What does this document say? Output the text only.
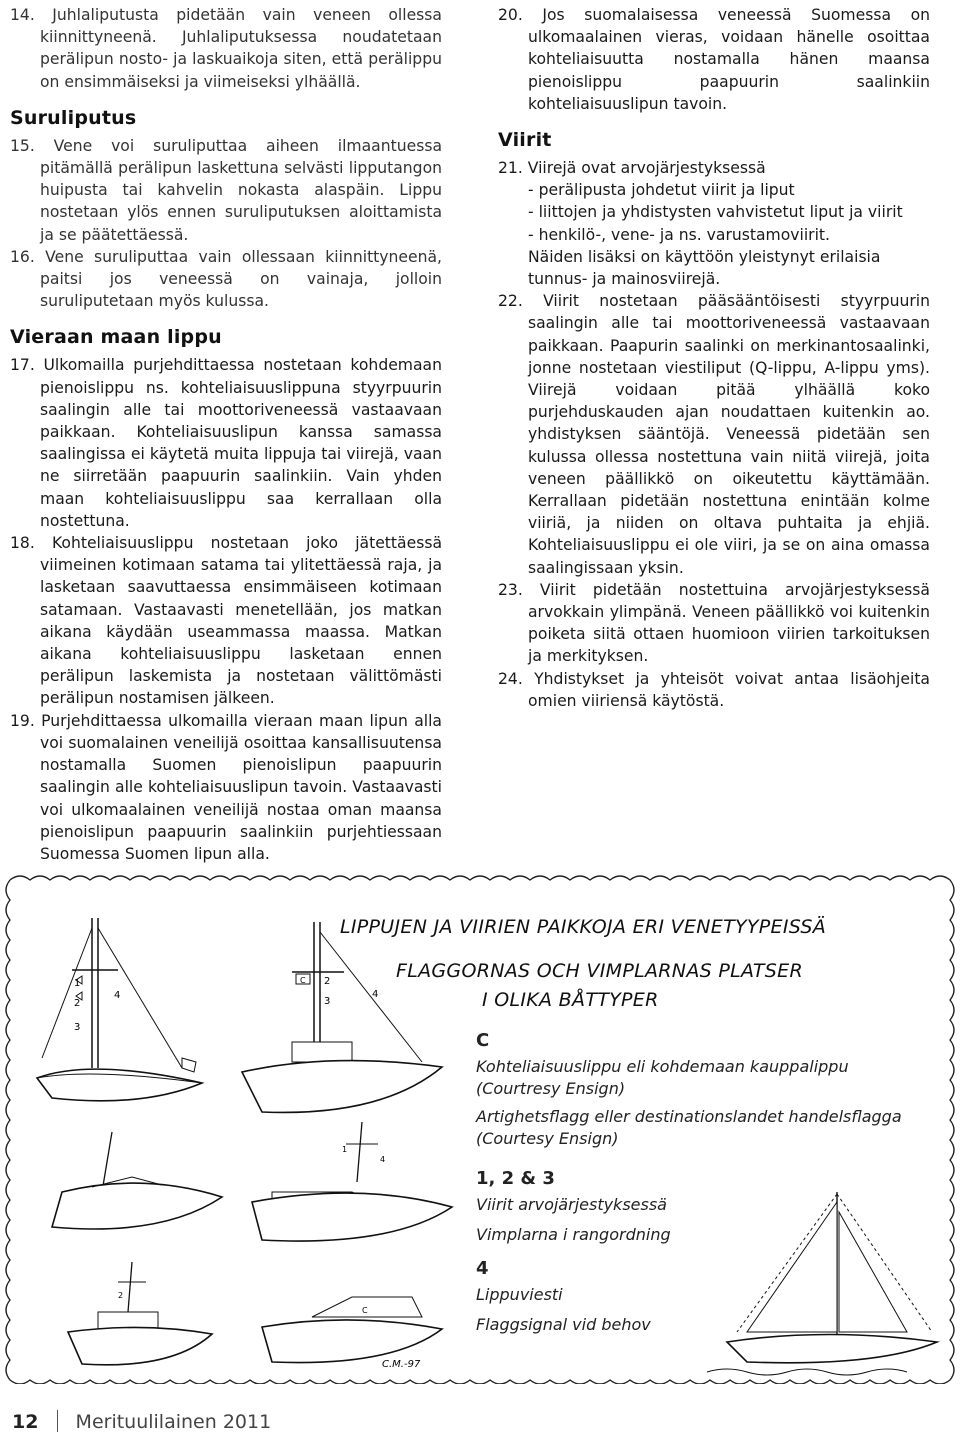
14. Juhlaliputusta pidetään vain veneen ollessa kiinnittyneenä. Juhlaliputuksessa noudatetaan perälipun nosto- ja laskuaikoja siten, että perälippu on ensimmäiseksi ja viimeiseksi ylhäällä.

Suruliputus

15. Vene voi suruliputtaa aiheen ilmaantuessa pitämällä perälipun laskettuna selvästi lipputangon huipusta tai kahvelin nokasta alaspäin. Lippu nostetaan ylös ennen suruliputuksen aloittamista ja se päätettäessä.

16. Vene suruliputtaa vain ollessaan kiinnittyneenä, paitsi jos veneessä on vainaja, jolloin suruliputetaan myös kulussa.

Vieraan maan lippu

17. Ulkomailla purjehdittaessa nostetaan kohdemaan pienoislippu ns. kohteliaisuuslippuna styyrpuurin saalingin alle tai moottoriveneessä vastaavaan paikkaan. Kohteliaisuuslipun kanssa samassa saalingissa ei käytetä muita lippuja tai viirejä, vaan ne siirretään paapuurin saalinkiin. Vain yhden maan kohteliaisuuslippu saa kerrallaan olla nostettuna.

18. Kohteliaisuuslippu nostetaan joko jätettäessä viimeinen kotimaan satama tai ylitettäessä raja, ja lasketaan saavuttaessa ensimmäiseen kotimaan satamaan. Vastaavasti menetellään, jos matkan aikana käydään useammassa maassa. Matkan aikana kohteliaisuuslippu lasketaan ennen perälipun laskemista ja nostetaan välittömästi perälipun nostamisen jälkeen.

19. Purjehdittaessa ulkomailla vieraan maan lipun alla voi suomalainen veneilijä osoittaa kansallisuutensa nostamalla Suomen pienoislipun paapuurin saalingin alle kohteliaisuuslipun tavoin. Vastaavasti voi ulkomaalainen veneilijä nostaa oman maansa pienoislipun paapuurin saalinkiin purjehtiessaan Suomessa Suomen lipun alla.

20. Jos suomalaisessa veneessä Suomessa on ulkomaalainen vieras, voidaan hänelle osoittaa kohteliaisuutta nostamalla hänen maansa pienoislippu paapuurin saalinkiin kohteliaisuuslipun tavoin.

Viirit

21. Viirejä ovat arvojärjestyksessä

- perälipusta johdetut viirit ja liput

- liittojen ja yhdistysten vahvistetut liput ja viirit

- henkilö-, vene- ja ns. varustamoviirit.

Näiden lisäksi on käyttöön yleistynyt erilaisia tunnus- ja mainosviirejä.

22. Viirit nostetaan pääsääntöisesti styyrpuurin saalingin alle tai moottoriveneessä vastaavaan paikkaan. Paapurin saalinki on merkinantosaalinki, jonne nostetaan viestiliput (Q-lippu, A-lippu yms). Viirejä voidaan pitää ylhäällä koko purjehduskauden ajan noudattaen kuitenkin ao. yhdistyksen sääntöjä. Veneessä pidetään sen kulussa ollessa nostettuna vain niitä viirejä, joita veneen päällikkö on oikeutettu käyttämään. Kerrallaan pidetään nostettuna enintään kolme viiriä, ja niiden on oltava puhtaita ja ehjiä. Kohteliaisuuslippu ei ole viiri, ja se on aina omassa saalingissaan yksin.

23. Viirit pidetään nostettuina arvojärjestyksessä arvokkain ylimpänä. Veneen päällikkö voi kuitenkin poiketa siitä ottaen huomioon viirien tarkoituksen ja merkityksen.

24. Yhdistykset ja yhteisöt voivat antaa lisäohjeita omien viiriensä käytöstä.

LIPPUJEN JA VIIRIEN PAIKKOJA ERI VENETYYPEISSÄ
FLAGGORNAS OCH VIMPLARNAS PLATSER
I OLIKA BÅTTYPER
C

Kohteliaisuuslippu eli kohdemaan kauppalippu (Courtresy Ensign)

Artighetsflagg eller destinationslandet handelsflagga (Courtesy Ensign)

1, 2 & 3

Viirit arvojärjestyksessä

Vimplarna i rangordning

4

Lippuviesti

Flaggsignal vid behov

1
2
3
4
C 2
3
4
1
4
2
C
C.M.-97
12 Merituulilainen 2011
